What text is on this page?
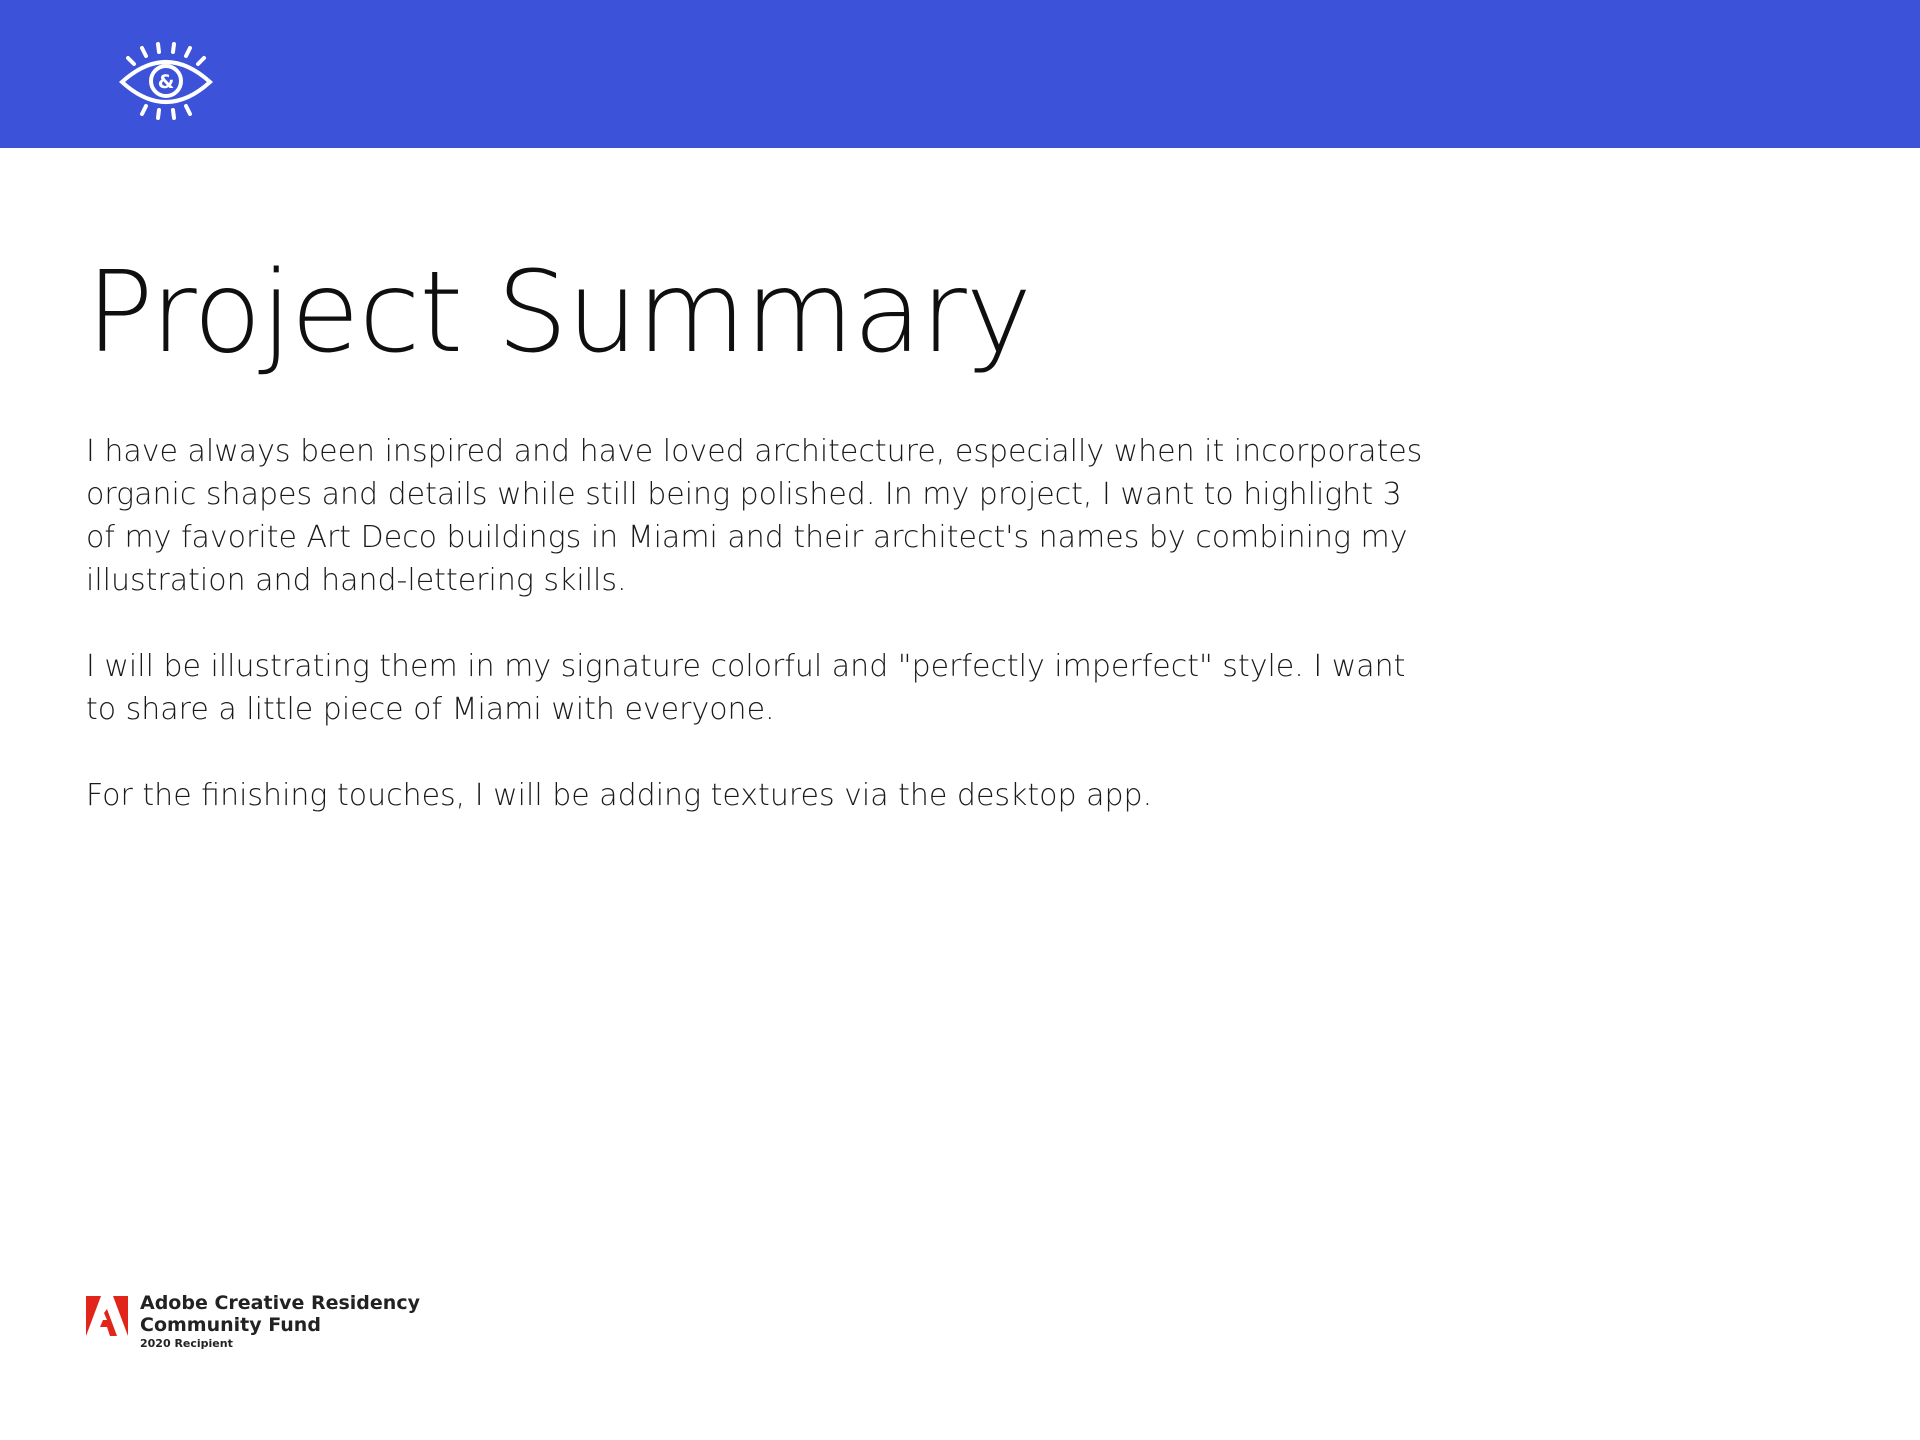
&
Project Summary

I have always been inspired and have loved architecture, especially when it incorporates organic shapes and details while still being polished. In my project, I want to highlight 3 of my favorite Art Deco buildings in Miami and their architect's names by combining my illustration and hand-lettering skills.

I will be illustrating them in my signature colorful and "perfectly imperfect" style. I want to share a little piece of Miami with everyone.

For the finishing touches, I will be adding textures via the desktop app.

Adobe Creative Residency
Community Fund
2020 Recipient
